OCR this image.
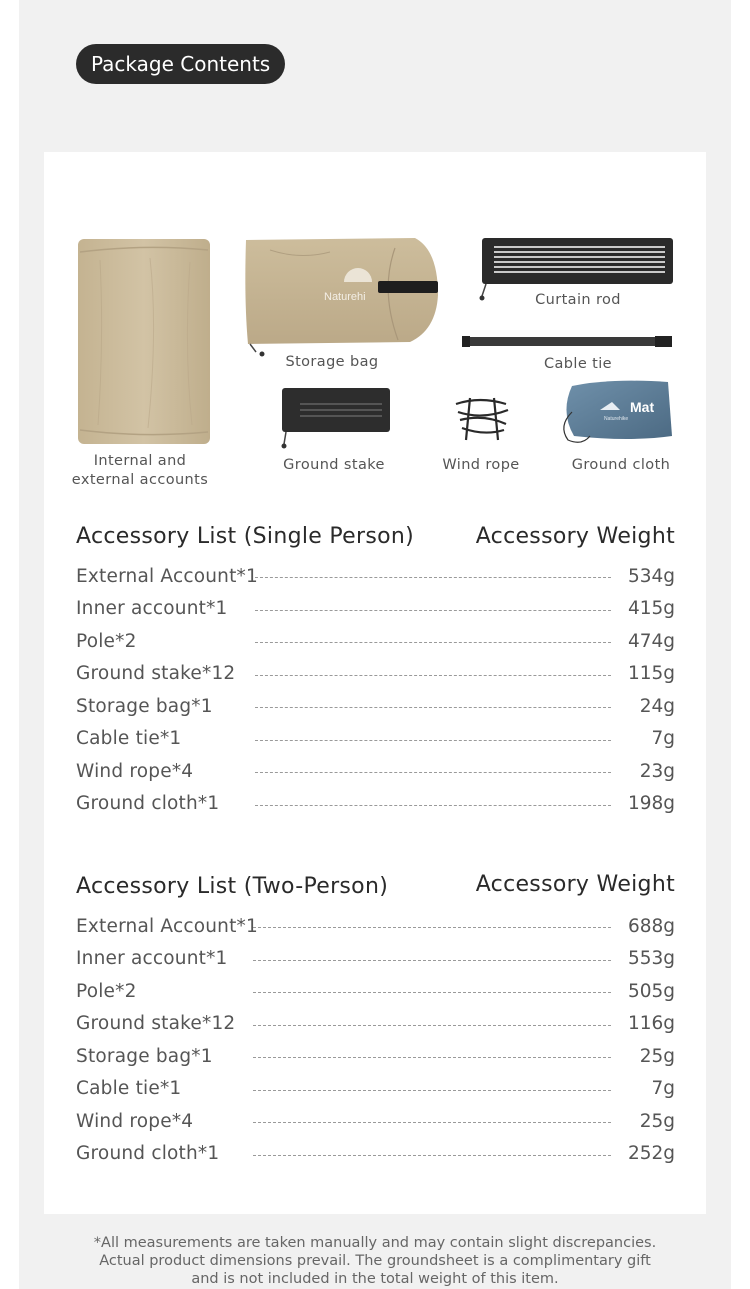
Package Contents
Naturehi
Mat
Naturehike
Internal and
external accounts
Storage bag
Curtain rod
Cable tie
Ground stake	Wind rope	Ground cloth
Accessory List (Single Person)	Accessory Weight
External Account*1	534g
Inner account*1	415g
Pole*2	474g
Ground stake*12	115g
Storage bag*1	24g
Cable tie*1	7g
Wind rope*4	23g
Ground cloth*1	198g
Accessory List (Two-Person)	Accessory Weight
External Account*1	688g
Inner account*1	553g
Pole*2	505g
Ground stake*12	116g
Storage bag*1	25g
Cable tie*1	7g
Wind rope*4	25g
Ground cloth*1	252g
*All measurements are taken manually and may contain slight discrepancies.
Actual product dimensions prevail. The groundsheet is a complimentary gift
and is not included in the total weight of this item.
